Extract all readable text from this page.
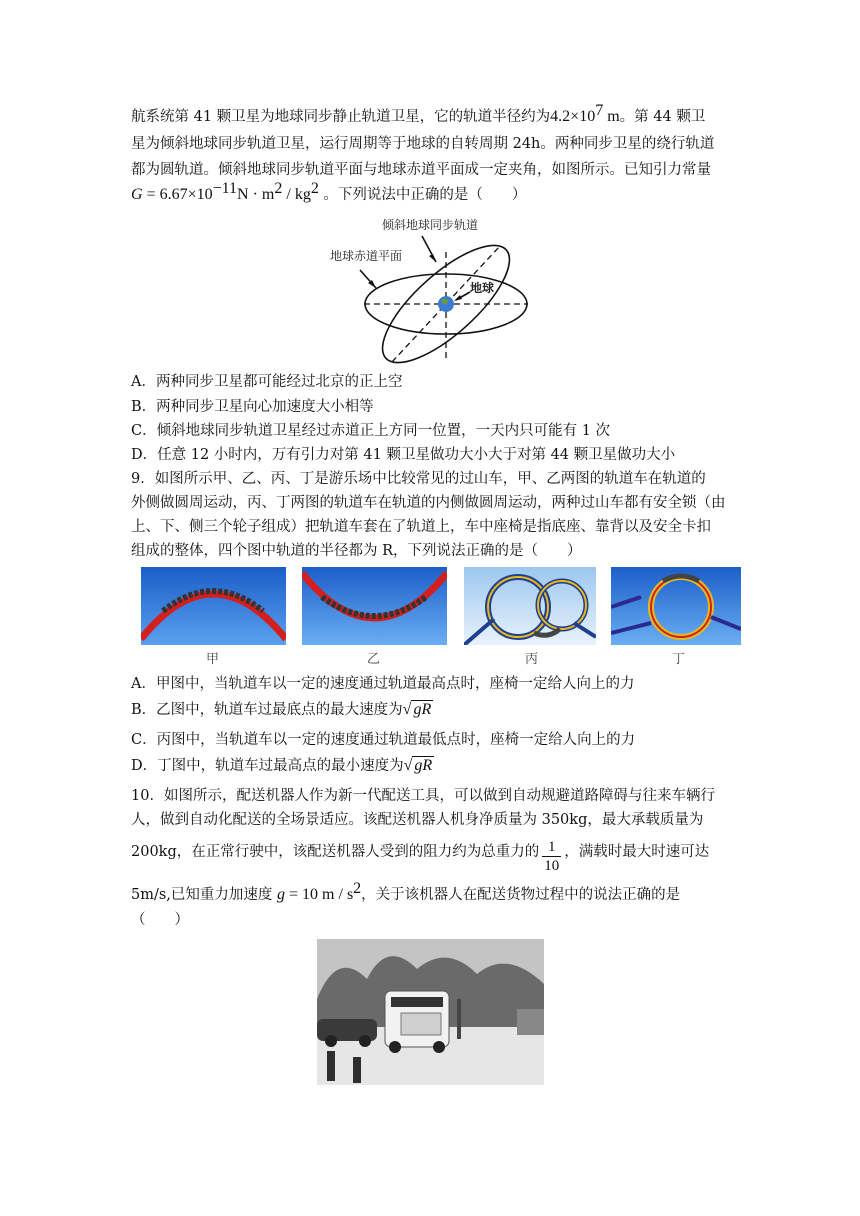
航系统第 41 颗卫星为地球同步静止轨道卫星，它的轨道半径约为$4.2\times 10^7$ m。第 44 颗卫
星为倾斜地球同步轨道卫星，运行周期等于地球的自转周期 24h。两种同步卫星的绕行轨道
都为圆轨道。倾斜地球同步轨道平面与地球赤道平面成一定夹角，如图所示。已知引力常量
$G = 6.67\times 10^{-11}N \cdot m^2 / kg^2$ 。下列说法中正确的是（　　）
倾斜地球同步轨道
地球赤道平面
地球
A．两种同步卫星都可能经过北京的正上空
B．两种同步卫星向心加速度大小相等
C．倾斜地球同步轨道卫星经过赤道正上方同一位置，一天内只可能有 1 次
D．任意 12 小时内，万有引力对第 41 颗卫星做功大小大于对第 44 颗卫星做功大小
9．如图所示甲、乙、丙、丁是游乐场中比较常见的过山车，甲、乙两图的轨道车在轨道的
外侧做圆周运动，丙、丁两图的轨道车在轨道的内侧做圆周运动，两种过山车都有安全锁（由
上、下、侧三个轮子组成）把轨道车套在了轨道上，车中座椅是指底座、靠背以及安全卡扣
组成的整体，四个图中轨道的半径都为 R，下列说法正确的是（　　）
甲	乙	丙	丁
A．甲图中，当轨道车以一定的速度通过轨道最高点时，座椅一定给人向上的力
B．乙图中，轨道车过最底点的最大速度为√ gR
C．丙图中，当轨道车以一定的速度通过轨道最低点时，座椅一定给人向上的力
D．丁图中，轨道车过最高点的最小速度为√ gR
10．如图所示，配送机器人作为新一代配送工具，可以做到自动规避道路障碍与往来车辆行
人，做到自动化配送的全场景适应。该配送机器人机身净质量为 350kg，最大承载质量为
200kg，在正常行驶中，该配送机器人受到的阻力约为总重力的 $\frac{1}{10}$ ，满载时最大时速可达
5m/s,已知重力加速度 g = 10 m / $s^2$，关于该机器人在配送货物过程中的说法正确的是
（　　）
